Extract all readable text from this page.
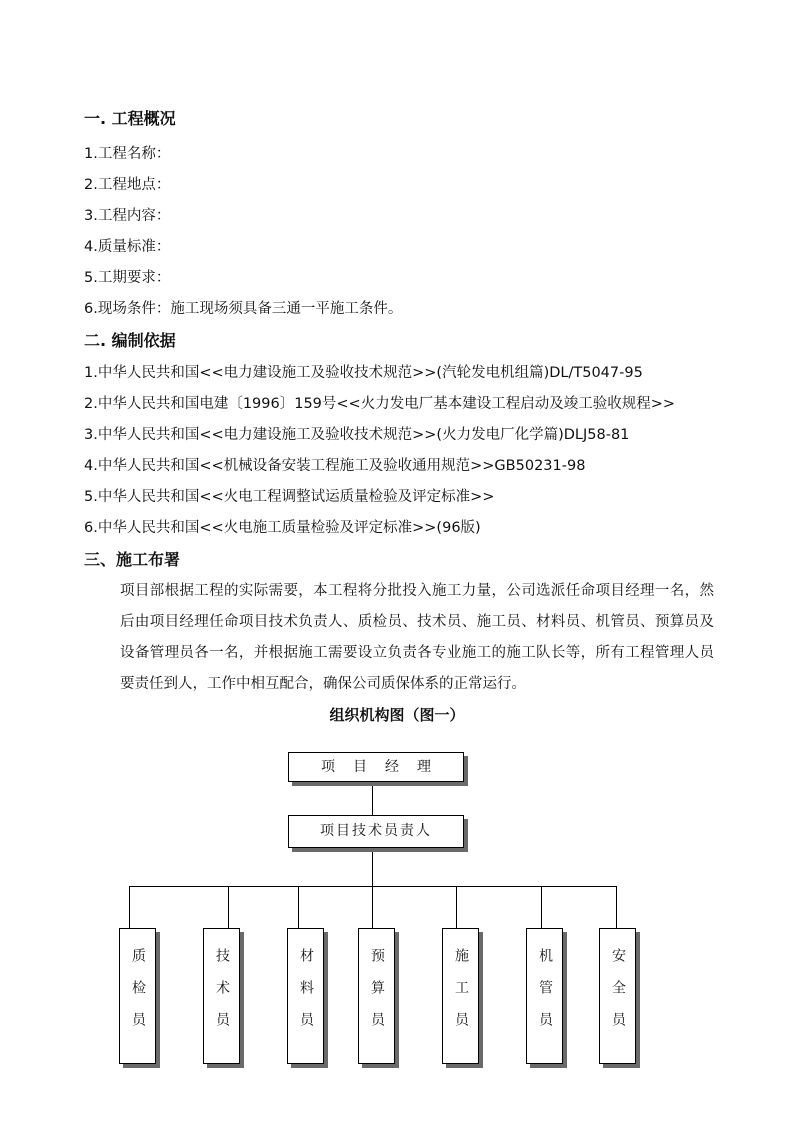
一. 工程概况
1.工程名称：
2.工程地点：
3.工程内容：
4.质量标准：
5.工期要求：
6.现场条件：施工现场须具备三通一平施工条件。
二. 编制依据
1.中华人民共和国<<电力建设施工及验收技术规范>>(汽轮发电机组篇)DL/T5047-95
2.中华人民共和国电建〔1996〕159号<<火力发电厂基本建设工程启动及竣工验收规程>>
3.中华人民共和国<<电力建设施工及验收技术规范>>(火力发电厂化学篇)DLJ58-81
4.中华人民共和国<<机械设备安装工程施工及验收通用规范>>GB50231-98
5.中华人民共和国<<火电工程调整试运质量检验及评定标准>>
6.中华人民共和国<<火电施工质量检验及评定标准>>(96版)
三、施工布署
项目部根据工程的实际需要，本工程将分批投入施工力量，公司选派任命项目经理一名，然后由项目经理任命项目技术负责人、质检员、技术员、施工员、材料员、机管员、预算员及设备管理员各一名，并根据施工需要设立负责各专业施工的施工队长等，所有工程管理人员要责任到人，工作中相互配合，确保公司质保体系的正常运行。
组织机构图（图一）
项目经理
项目技术员责人
质检员	技术员	材料员	预算员	施工员	机管员	安全员
